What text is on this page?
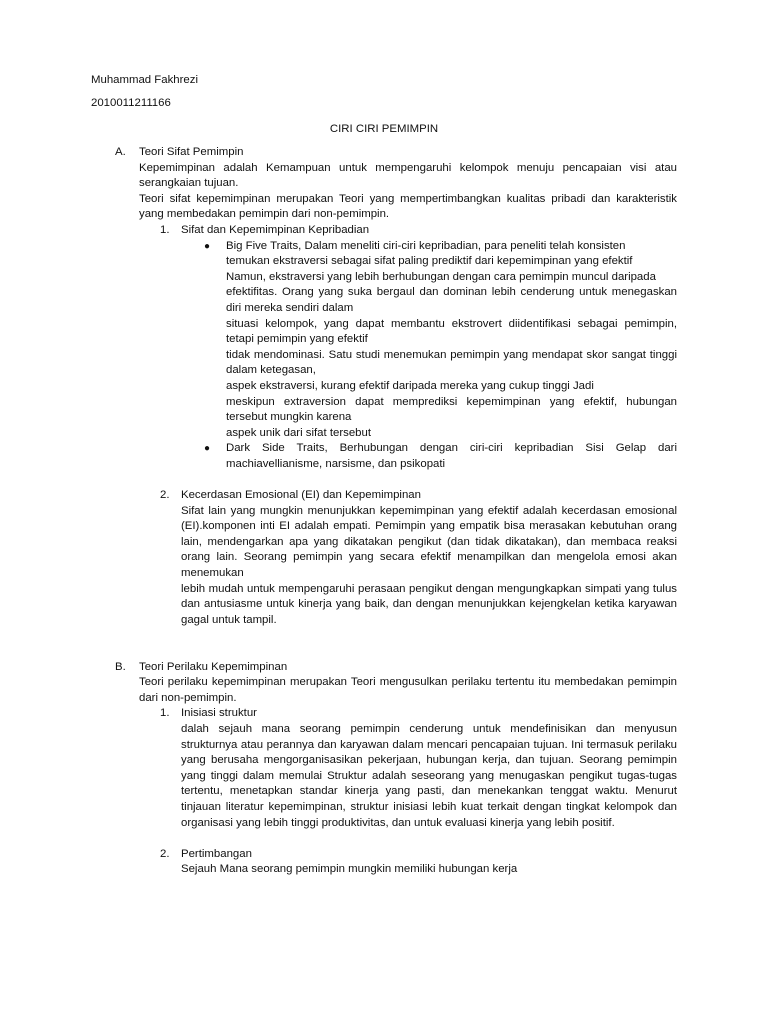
Muhammad Fakhrezi
2010011211166
CIRI CIRI PEMIMPIN
A. Teori Sifat Pemimpin
Kepemimpinan adalah Kemampuan untuk mempengaruhi kelompok menuju pencapaian visi atau serangkaian tujuan.
Teori sifat kepemimpinan merupakan Teori yang mempertimbangkan kualitas pribadi dan karakteristik yang membedakan pemimpin dari non-pemimpin.
1. Sifat dan Kepemimpinan Kepribadian
● Big Five Traits, Dalam meneliti ciri-ciri kepribadian, para peneliti telah konsisten
temukan ekstraversi sebagai sifat paling prediktif dari kepemimpinan yang efektif
Namun, ekstraversi yang lebih berhubungan dengan cara pemimpin muncul daripada
efektifitas. Orang yang suka bergaul dan dominan lebih cenderung untuk menegaskan diri mereka sendiri dalam
situasi kelompok, yang dapat membantu ekstrovert diidentifikasi sebagai pemimpin, tetapi pemimpin yang efektif
tidak mendominasi. Satu studi menemukan pemimpin yang mendapat skor sangat tinggi dalam ketegasan,
aspek ekstraversi, kurang efektif daripada mereka yang cukup tinggi Jadi
meskipun extraversion dapat memprediksi kepemimpinan yang efektif, hubungan tersebut mungkin karena
aspek unik dari sifat tersebut
● Dark Side Traits, Berhubungan dengan ciri-ciri kepribadian Sisi Gelap dari machiavellianisme, narsisme, dan psikopati
2. Kecerdasan Emosional (EI) dan Kepemimpinan
Sifat lain yang mungkin menunjukkan kepemimpinan yang efektif adalah kecerdasan emosional (EI).komponen inti EI adalah empati. Pemimpin yang empatik bisa merasakan kebutuhan orang lain, mendengarkan apa yang dikatakan pengikut (dan tidak dikatakan), dan membaca reaksi orang lain. Seorang pemimpin yang secara efektif menampilkan dan mengelola emosi akan menemukan
lebih mudah untuk mempengaruhi perasaan pengikut dengan mengungkapkan simpati yang tulus dan antusiasme untuk kinerja yang baik, dan dengan menunjukkan kejengkelan ketika karyawan gagal untuk tampil.
B. Teori Perilaku Kepemimpinan
Teori perilaku kepemimpinan merupakan Teori mengusulkan perilaku tertentu itu membedakan pemimpin dari non-pemimpin.
1. Inisiasi struktur
dalah sejauh mana seorang pemimpin cenderung untuk mendefinisikan dan menyusun strukturnya atau perannya dan karyawan dalam mencari pencapaian tujuan. Ini termasuk perilaku yang berusaha mengorganisasikan pekerjaan, hubungan kerja, dan tujuan. Seorang pemimpin yang tinggi dalam memulai Struktur adalah seseorang yang menugaskan pengikut tugas-tugas tertentu, menetapkan standar kinerja yang pasti, dan menekankan tenggat waktu. Menurut tinjauan literatur kepemimpinan, struktur inisiasi lebih kuat terkait dengan tingkat kelompok dan organisasi yang lebih tinggi produktivitas, dan untuk evaluasi kinerja yang lebih positif.
2. Pertimbangan
Sejauh Mana seorang pemimpin mungkin memiliki hubungan kerja
